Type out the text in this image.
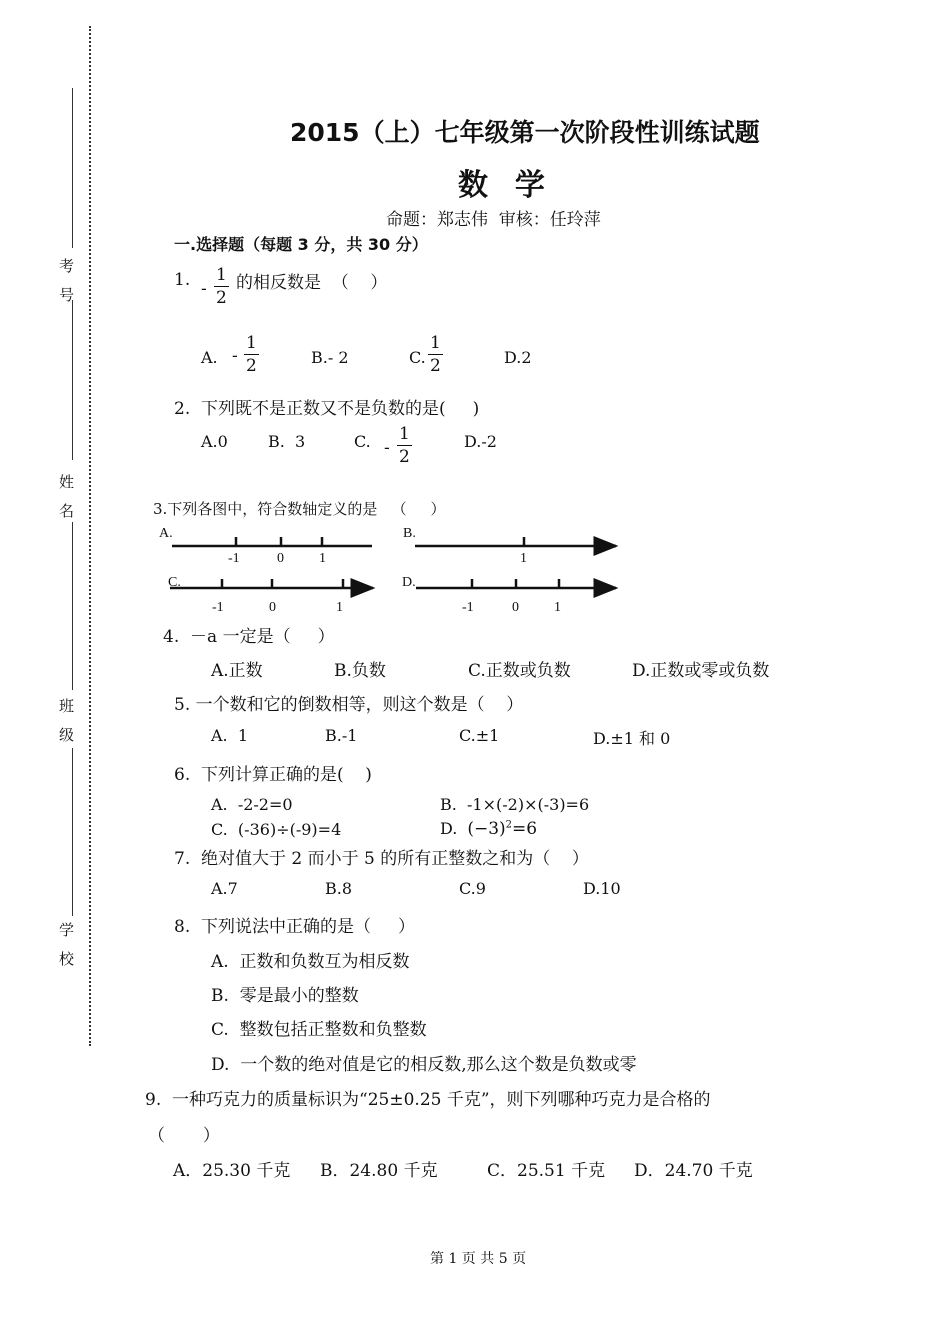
考号
姓名
班级
学校
2015（上）七年级第一次阶段性训练试题
数  学
命题：郑志伟  审核：任玲萍
一.选择题（每题 3 分，共 30 分）
1. - $\frac{1}{2}$ 的相反数是  （    ）
A. - $\frac{1}{2}$	B.- 2	C. $\frac{1}{2}$	D.2
2.  下列既不是正数又不是负数的是(     )
A.0	B.  3	C. - $\frac{1}{2}$	D.-2
3.下列各图中，符合数轴定义的是   （     ）
A.
-1	0	1
B.
1
C.
-1	0	1
D.
-1	0	1
4.  －a 一定是（     ）
A.正数	B.负数	C.正数或负数	D.正数或零或负数
5. 一个数和它的倒数相等，则这个数是（    ）
A.  1	B.-1	C.±1	D.±1 和 0
6.  下列计算正确的是(    )
A.  -2-2=0	B.  -1×(-2)×(-3)=6
C.  (-36)÷(-9)=4	D. $(-3)^2=6$
7.  绝对值大于 2 而小于 5 的所有正整数之和为（    ）
A.7	B.8	C.9	D.10
8.  下列说法中正确的是（     ）
A.  正数和负数互为相反数
B.  零是最小的整数
C.  整数包括正整数和负整数
D.  一个数的绝对值是它的相反数,那么这个数是负数或零
9.  一种巧克力的质量标识为“25±0.25 千克”，则下列哪种巧克力是合格的
（       ）
A．25.30 千克 B．24.80 千克	C．25.51 千克 D．24.70 千克
第 1 页 共 5 页
